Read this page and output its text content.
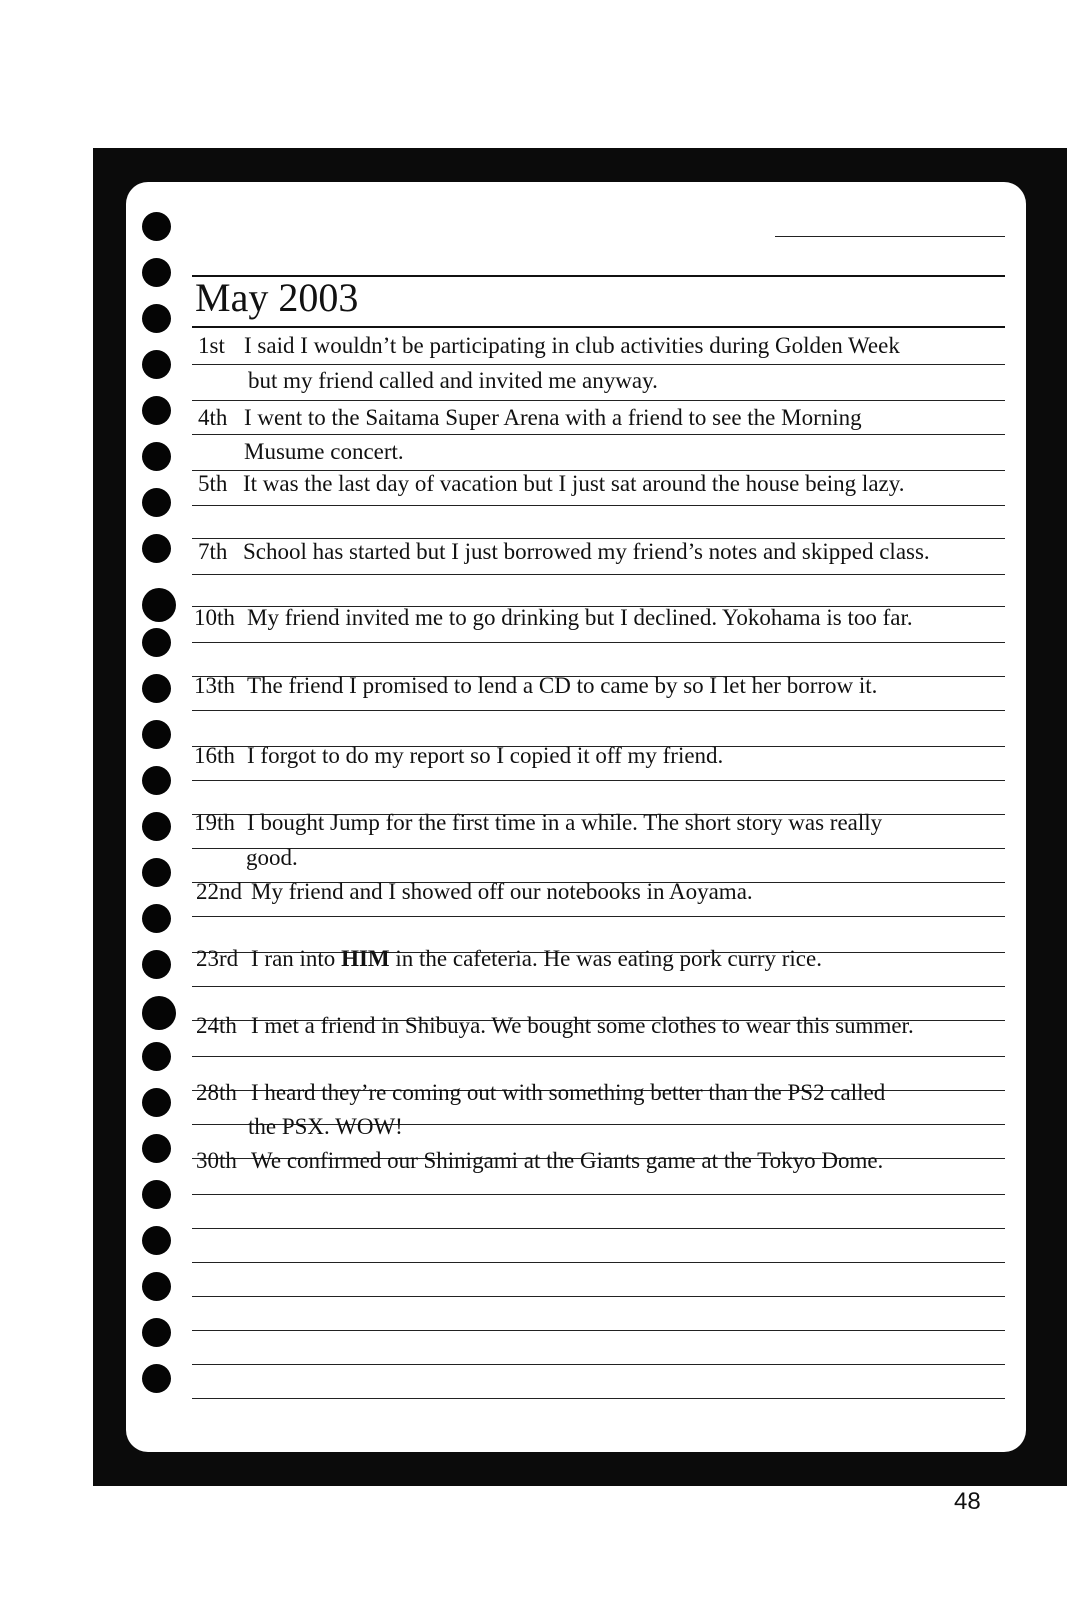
May 2003
1st I said I wouldn’t be participating in club activities during Golden Week
but my friend called and invited me anyway.
4th I went to the Saitama Super Arena with a friend to see the Morning
Musume concert.
5th It was the last day of vacation but I just sat around the house being lazy.
7th School has started but I just borrowed my friend’s notes and skipped class.
10th My friend invited me to go drinking but I declined. Yokohama is too far.
13th The friend I promised to lend a CD to came by so I let her borrow it.
16th I forgot to do my report so I copied it off my friend.
19th I bought Jump for the first time in a while. The short story was really
good.
22nd My friend and I showed off our notebooks in Aoyama.
23rd I ran into HIM in the cafeteria. He was eating pork curry rice.
24th I met a friend in Shibuya. We bought some clothes to wear this summer.
28th I heard they’re coming out with something better than the PS2 called
the PSX. WOW!
30th We confirmed our Shinigami at the Giants game at the Tokyo Dome.
48
